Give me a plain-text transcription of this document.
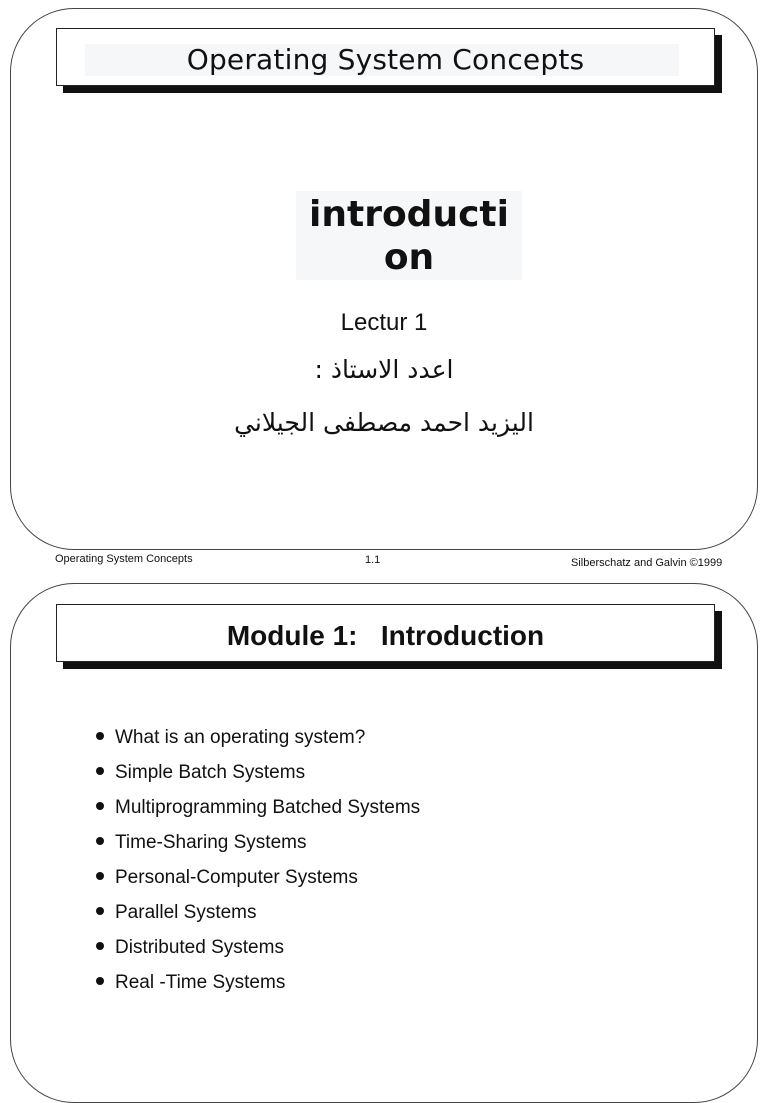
Operating System Concepts
introducti
on
Lectur 1
اعدد الاستاذ :
اليزيد احمد مصطفى الجيلاني
Operating System Concepts	1.1	Silberschatz and Galvin ©1999
Module 1:   Introduction
What is an operating system?
Simple Batch Systems
Multiprogramming Batched Systems
Time-Sharing Systems
Personal-Computer Systems
Parallel Systems
Distributed Systems
Real -Time Systems
